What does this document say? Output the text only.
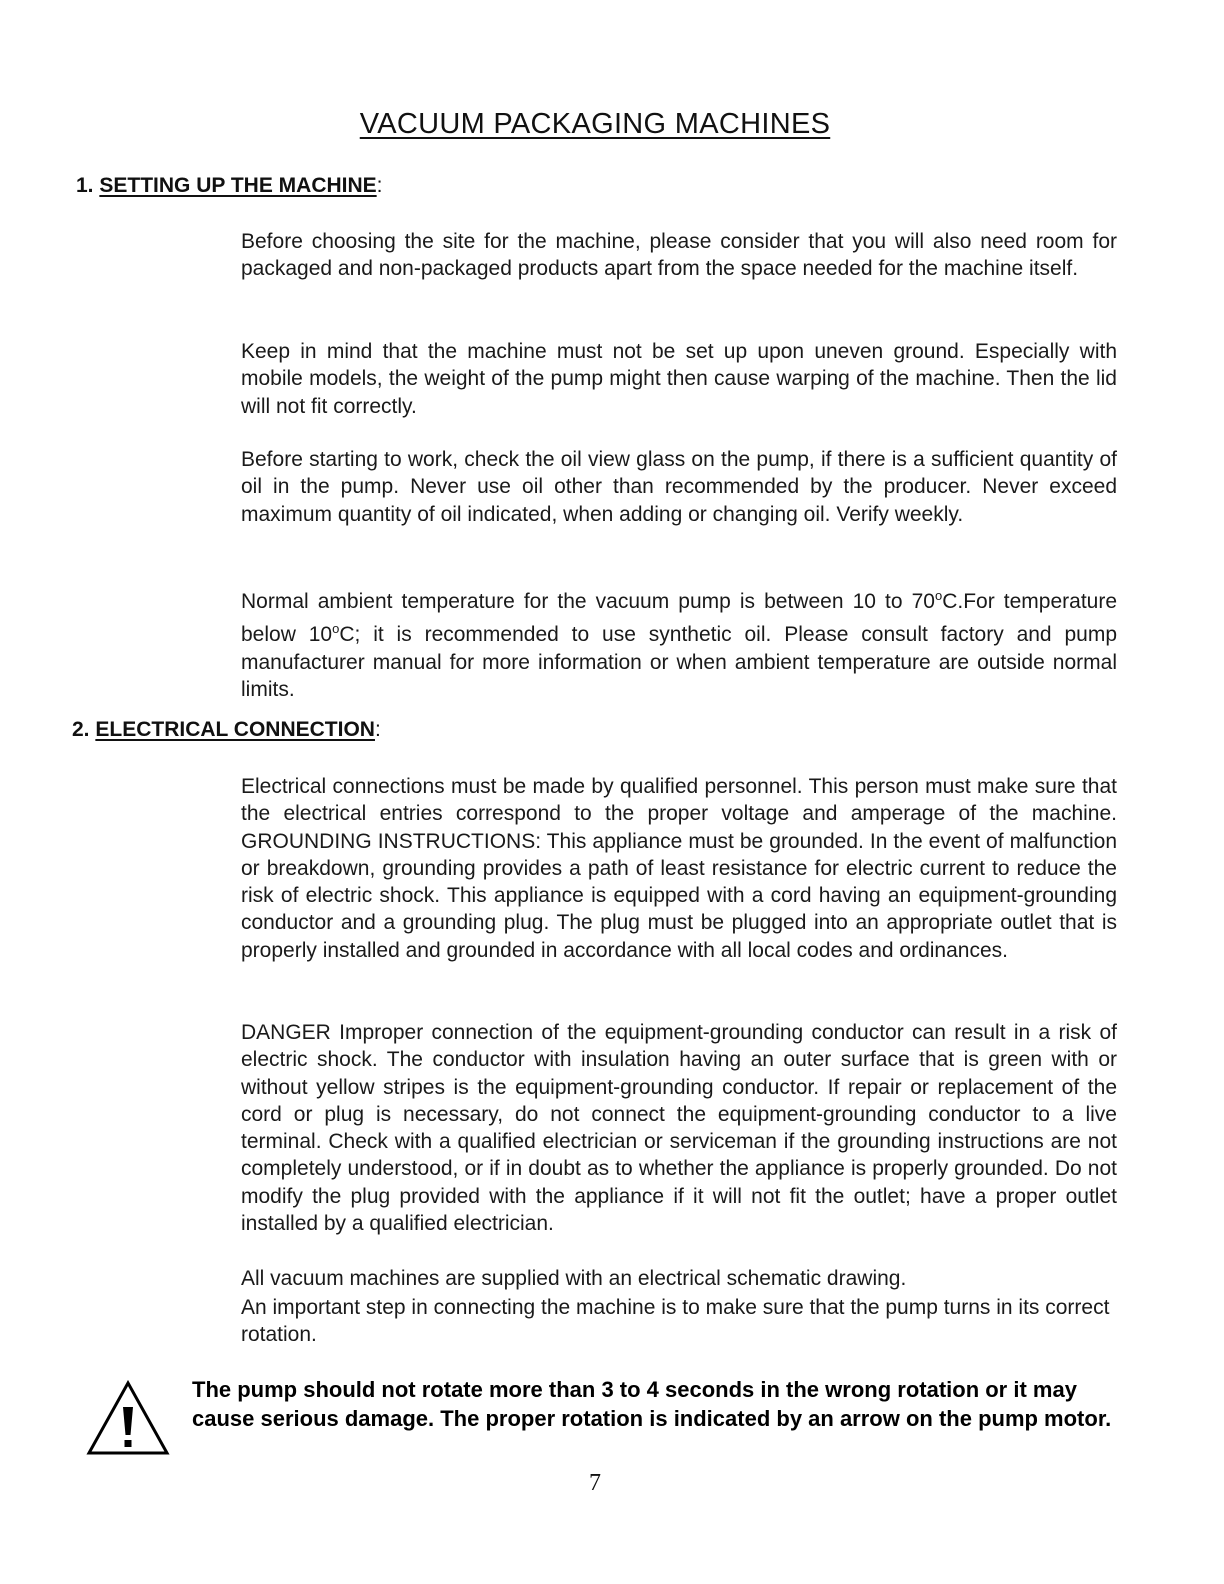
VACUUM PACKAGING MACHINES
1. SETTING UP THE MACHINE:

Before choosing the site for the machine, please consider that you will also need room for packaged and non-packaged products apart from the space needed for the machine itself.

Keep in mind that the machine must not be set up upon uneven ground. Especially with mobile models, the weight of the pump might then cause warping of the machine. Then the lid will not fit correctly.

Before starting to work, check the oil view glass on the pump, if there is a sufficient quantity of oil in the pump. Never use oil other than recommended by the producer. Never exceed maximum quantity of oil indicated, when adding or changing oil. Verify weekly.

Normal ambient temperature for the vacuum pump is between 10 to 70$^o$C.For temperature below 10$^o$C; it is recommended to use synthetic oil. Please consult factory and pump manufacturer manual for more information or when ambient temperature are outside normal limits.

2. ELECTRICAL CONNECTION:

Electrical connections must be made by qualified personnel. This person must make sure that the electrical entries correspond to the proper voltage and amperage of the machine. GROUNDING INSTRUCTIONS: This appliance must be grounded. In the event of malfunction or breakdown, grounding provides a path of least resistance for electric current to reduce the risk of electric shock. This appliance is equipped with a cord having an equipment-grounding conductor and a grounding plug. The plug must be plugged into an appropriate outlet that is properly installed and grounded in accordance with all local codes and ordinances.

DANGER Improper connection of the equipment-grounding conductor can result in a risk of electric shock. The conductor with insulation having an outer surface that is green with or without yellow stripes is the equipment-grounding conductor. If repair or replacement of the cord or plug is necessary, do not connect the equipment-grounding conductor to a live terminal. Check with a qualified electrician or serviceman if the grounding instructions are not completely understood, or if in doubt as to whether the appliance is properly grounded. Do not modify the plug provided with the appliance if it will not fit the outlet; have a proper outlet installed by a qualified electrician.

All vacuum machines are supplied with an electrical schematic drawing.

An important step in connecting the machine is to make sure that the pump turns in its correct rotation.

The pump should not rotate more than 3 to 4 seconds in the wrong rotation or it may cause serious damage. The proper rotation is indicated by an arrow on the pump motor.

7
